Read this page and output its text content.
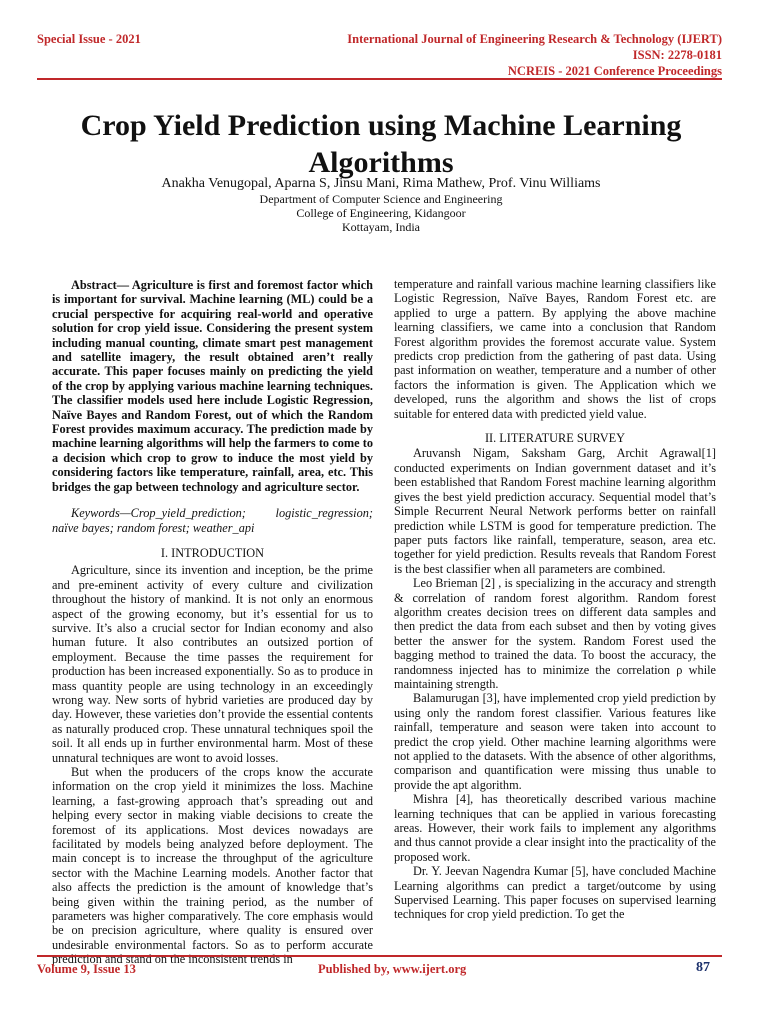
Special Issue - 2021	International Journal of Engineering Research & Technology (IJERT)
ISSN: 2278-0181
NCREIS - 2021 Conference Proceedings
Crop Yield Prediction using Machine Learning Algorithms
Anakha Venugopal, Aparna S, Jinsu Mani, Rima Mathew, Prof. Vinu Williams
Department of Computer Science and Engineering
College of Engineering, Kidangoor
Kottayam, India

Abstract— Agriculture is first and foremost factor which is important for survival. Machine learning (ML) could be a crucial perspective for acquiring real-world and operative solution for crop yield issue. Considering the present system including manual counting, climate smart pest management and satellite imagery, the result obtained aren’t really accurate. This paper focuses mainly on predicting the yield of the crop by applying various machine learning techniques. The classifier models used here include Logistic Regression, Naïve Bayes and Random Forest, out of which the Random Forest provides maximum accuracy. The prediction made by machine learning algorithms will help the farmers to come to a decision which crop to grow to induce the most yield by considering factors like temperature, rainfall, area, etc. This bridges the gap between technology and agriculture sector.

Keywords—Crop_yield_prediction; logistic_regression; naïve bayes; random forest; weather_api

I. INTRODUCTION

Agriculture, since its invention and inception, be the prime and pre-eminent activity of every culture and civilization throughout the history of mankind. It is not only an enormous aspect of the growing economy, but it’s essential for us to survive. It’s also a crucial sector for Indian economy and also human future. It also contributes an outsized portion of employment. Because the time passes the requirement for production has been increased exponentially. So as to produce in mass quantity people are using technology in an exceedingly wrong way. New sorts of hybrid varieties are produced day by day. However, these varieties don’t provide the essential contents as naturally produced crop. These unnatural techniques spoil the soil. It all ends up in further environmental harm. Most of these unnatural techniques are wont to avoid losses.

But when the producers of the crops know the accurate information on the crop yield it minimizes the loss. Machine learning, a fast-growing approach that’s spreading out and helping every sector in making viable decisions to create the foremost of its applications. Most devices nowadays are facilitated by models being analyzed before deployment. The main concept is to increase the throughput of the agriculture sector with the Machine Learning models. Another factor that also affects the prediction is the amount of knowledge that’s being given within the training period, as the number of parameters was higher comparatively. The core emphasis would be on precision agriculture, where quality is ensured over undesirable environmental factors. So as to perform accurate prediction and stand on the inconsistent trends in

temperature and rainfall various machine learning classifiers like Logistic Regression, Naïve Bayes, Random Forest etc. are applied to urge a pattern. By applying the above machine learning classifiers, we came into a conclusion that Random Forest algorithm provides the foremost accurate value. System predicts crop prediction from the gathering of past data. Using past information on weather, temperature and a number of other factors the information is given. The Application which we developed, runs the algorithm and shows the list of crops suitable for entered data with predicted yield value.

II. LITERATURE SURVEY

Aruvansh Nigam, Saksham Garg, Archit Agrawal[1] conducted experiments on Indian government dataset and it’s been established that Random Forest machine learning algorithm gives the best yield prediction accuracy. Sequential model that’s Simple Recurrent Neural Network performs better on rainfall prediction while LSTM is good for temperature prediction. The paper puts factors like rainfall, temperature, season, area etc. together for yield prediction. Results reveals that Random Forest is the best classifier when all parameters are combined.

Leo Brieman [2] , is specializing in the accuracy and strength & correlation of random forest algorithm. Random forest algorithm creates decision trees on different data samples and then predict the data from each subset and then by voting gives better the answer for the system. Random Forest used the bagging method to trained the data. To boost the accuracy, the randomness injected has to minimize the correlation ρ while maintaining strength.

Balamurugan [3], have implemented crop yield prediction by using only the random forest classifier. Various features like rainfall, temperature and season were taken into account to predict the crop yield. Other machine learning algorithms were not applied to the datasets. With the absence of other algorithms, comparison and quantification were missing thus unable to provide the apt algorithm.

Mishra [4], has theoretically described various machine learning techniques that can be applied in various forecasting areas. However, their work fails to implement any algorithms and thus cannot provide a clear insight into the practicality of the proposed work.

Dr. Y. Jeevan Nagendra Kumar [5], have concluded Machine Learning algorithms can predict a target/outcome by using Supervised Learning. This paper focuses on supervised learning techniques for crop yield prediction. To get the

Volume 9, Issue 13	Published by, www.ijert.org	87
